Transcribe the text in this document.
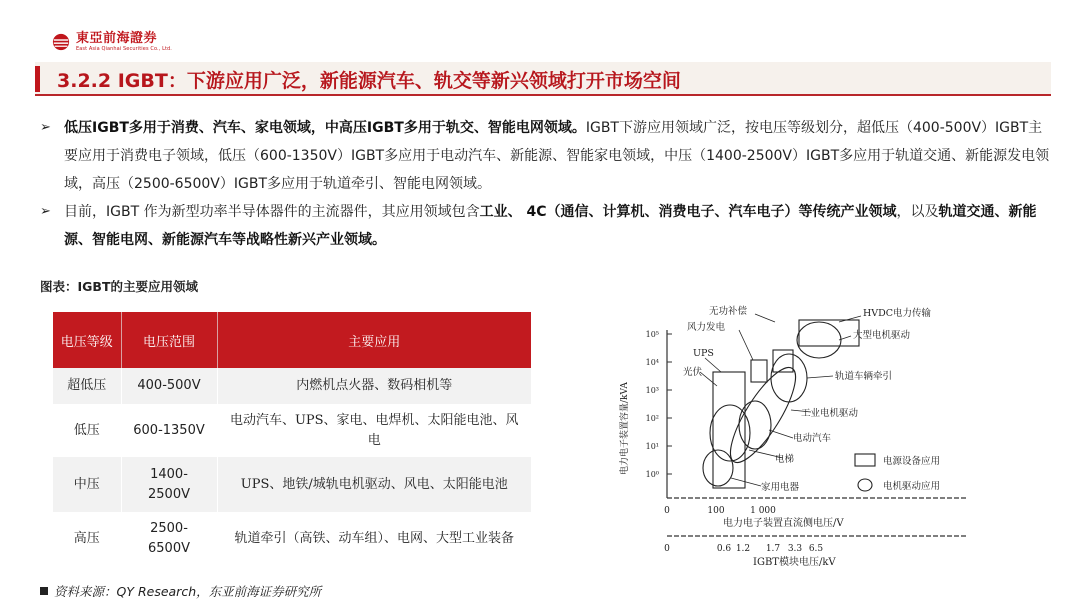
東亞前海證券
East Asia Qianhai Securities Co., Ltd.
3.2.2 IGBT：下游应用广泛，新能源汽车、轨交等新兴领域打开市场空间
➢ 低压IGBT多用于消费、汽车、家电领域，中高压IGBT多用于轨交、智能电网领域。IGBT下游应用领域广泛，按电压等级划分，超低压（400-500V）IGBT主要应用于消费电子领域，低压（600-1350V）IGBT多应用于电动汽车、新能源、智能家电领域，中压（1400-2500V）IGBT多应用于轨道交通、新能源发电领域，高压（2500-6500V）IGBT多应用于轨道牵引、智能电网领域。
➢ 目前，IGBT 作为新型功率半导体器件的主流器件，其应用领域包含工业、 4C（通信、计算机、消费电子、汽车电子）等传统产业领域，以及轨道交通、新能源、智能电网、新能源汽车等战略性新兴产业领域。
图表：IGBT的主要应用领域
电压等级	电压范围	主要应用
超低压	400-500V	内燃机点火器、数码相机等
低压	600-1350V	电动汽车、UPS、家电、电焊机、太阳能电池、风电
中压	1400-2500V	UPS、地铁/城轨电机驱动、风电、太阳能电池
高压	2500-6500V	轨道牵引（高铁、动车组）、电网、大型工业装备
10⁰
10¹
10²
10³
10⁴
10⁵
电力电子装置容量/kVA
0	100	1 000
电力电子装置直流侧电压/V
0	0.6 1.2 1.7 3.3 6.5
IGBT模块电压/kV
无功补偿
风力发电
UPS
光伏
HVDC电力传输
大型电机驱动
轨道车辆牵引
工业电机驱动
电动汽车
电梯
家用电器
电源设备应用
电机驱动应用
资料来源：QY Research，东亚前海证券研究所
